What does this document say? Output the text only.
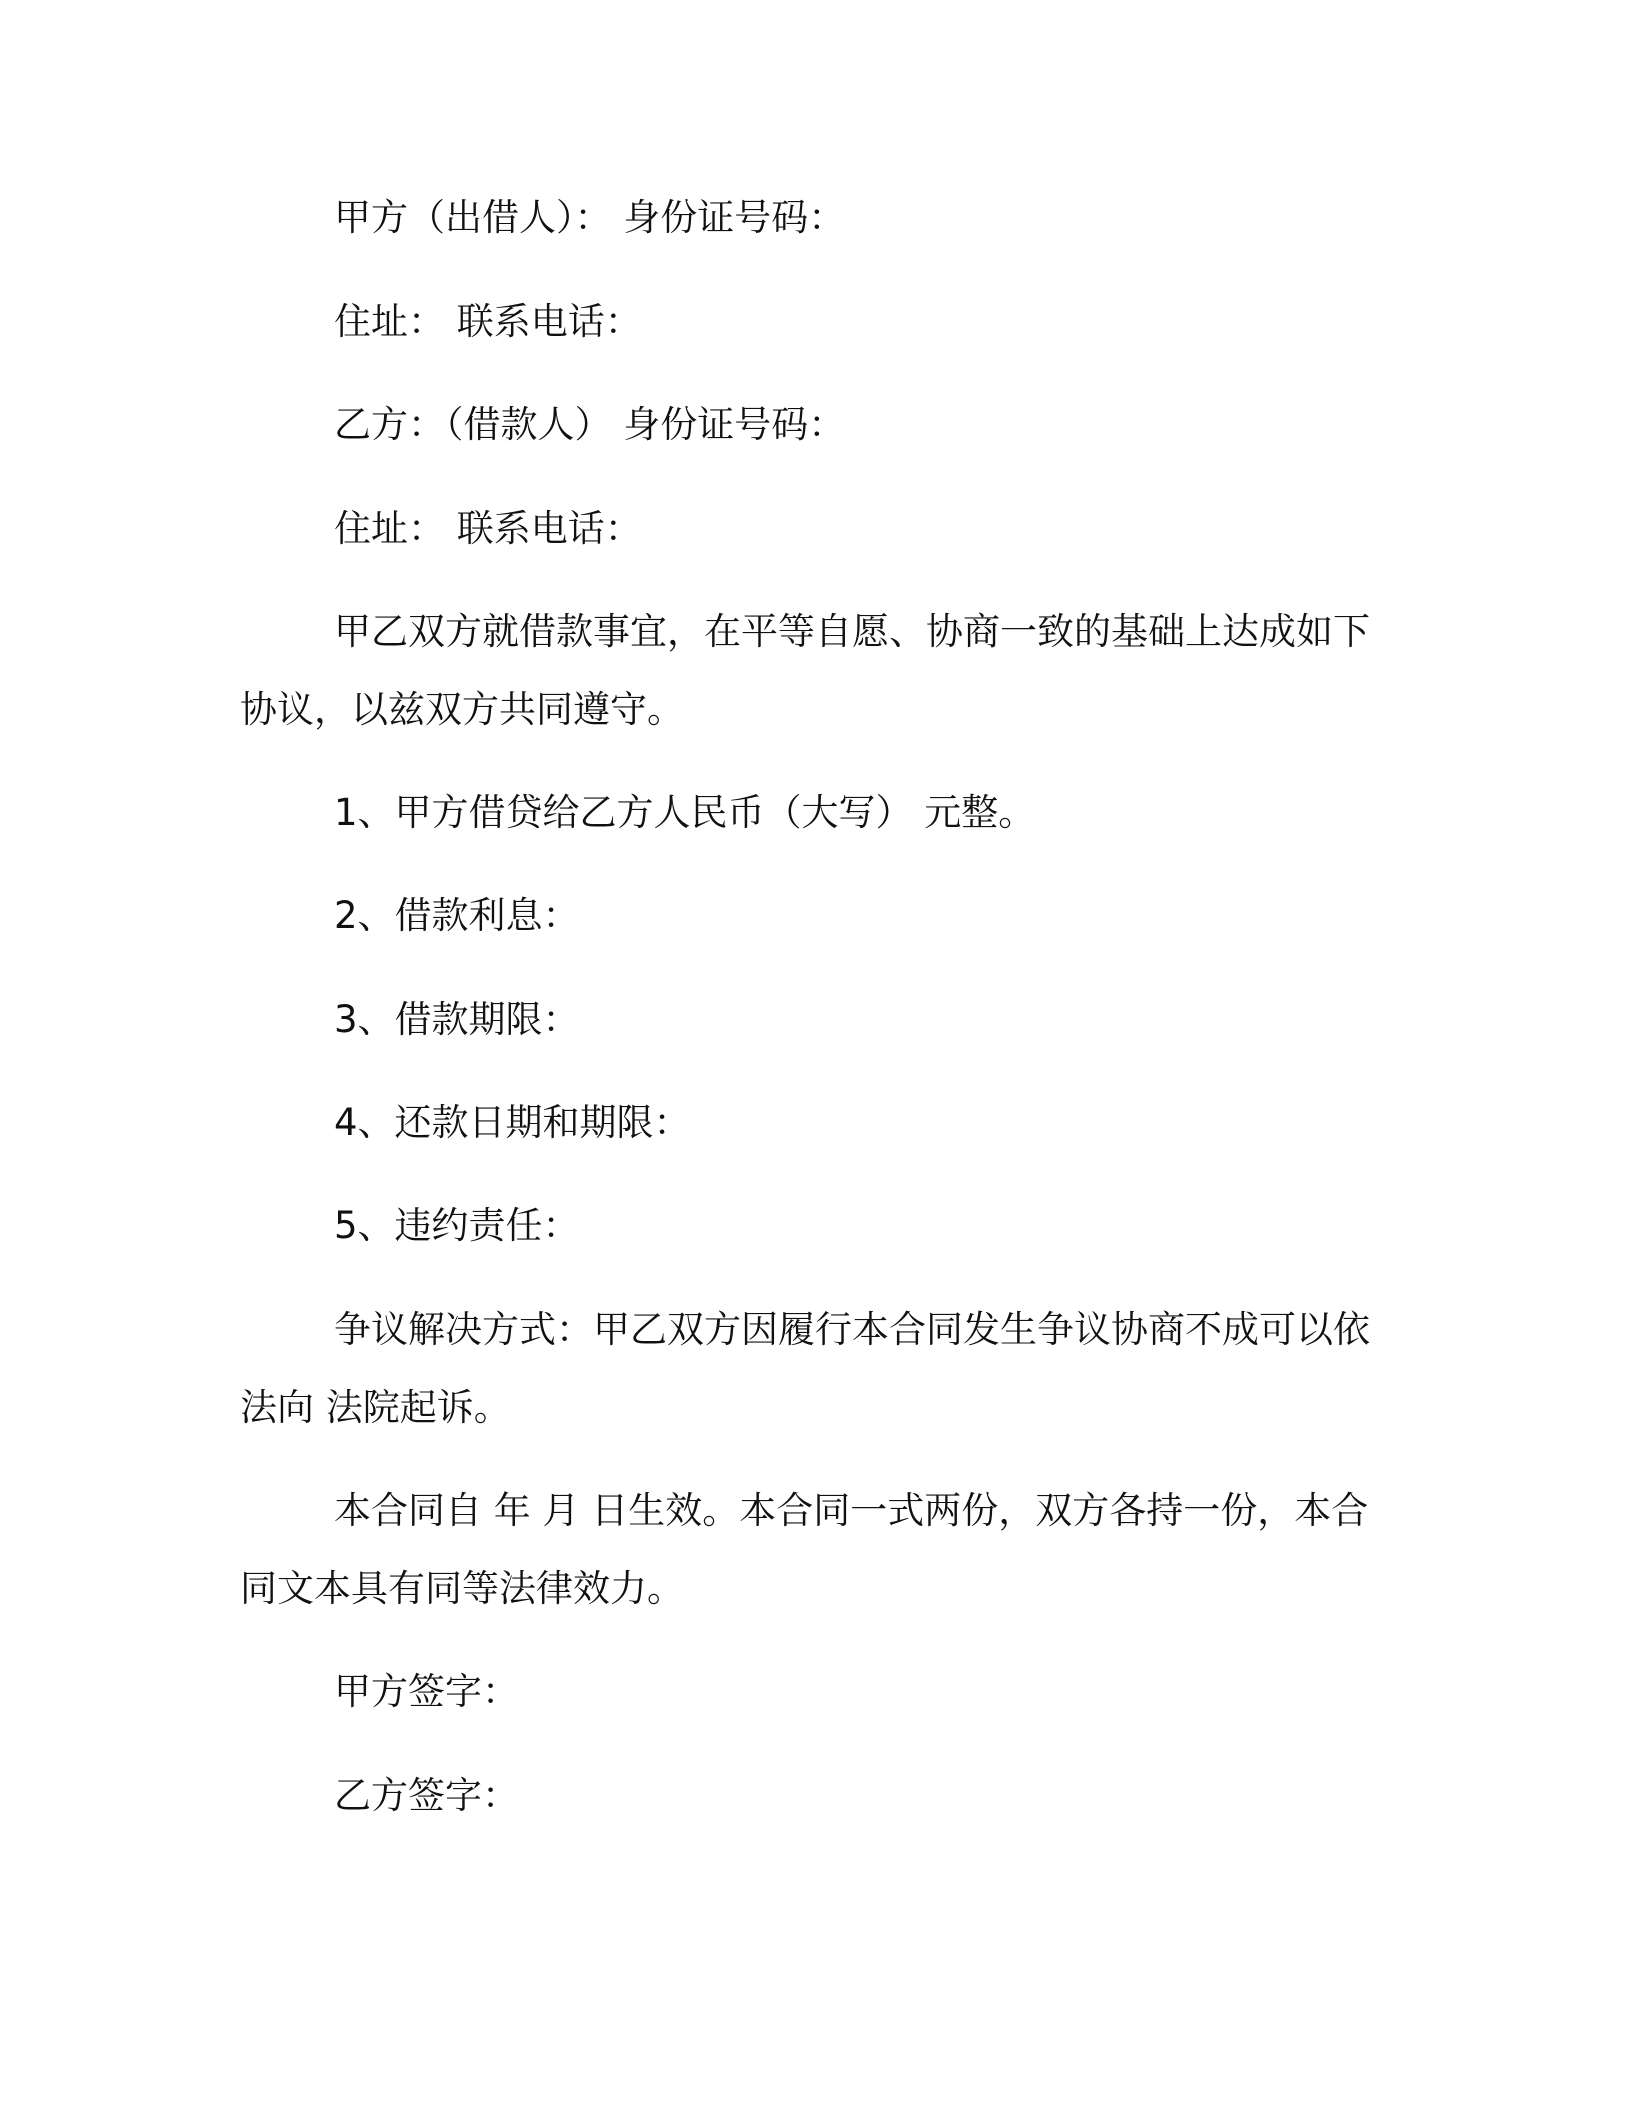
甲方（出借人）： 身份证号码：
住址： 联系电话：
乙方：（借款人） 身份证号码：
住址： 联系电话：
甲乙双方就借款事宜，在平等自愿、协商一致的基础上达成如下
协议，以兹双方共同遵守。
1、甲方借贷给乙方人民币（大写） 元整。
2、借款利息：
3、借款期限：
4、还款日期和期限：
5、违约责任：
争议解决方式：甲乙双方因履行本合同发生争议协商不成可以依
法向 法院起诉。
本合同自 年 月 日生效。本合同一式两份，双方各持一份，本合
同文本具有同等法律效力。
甲方签字：
乙方签字：
